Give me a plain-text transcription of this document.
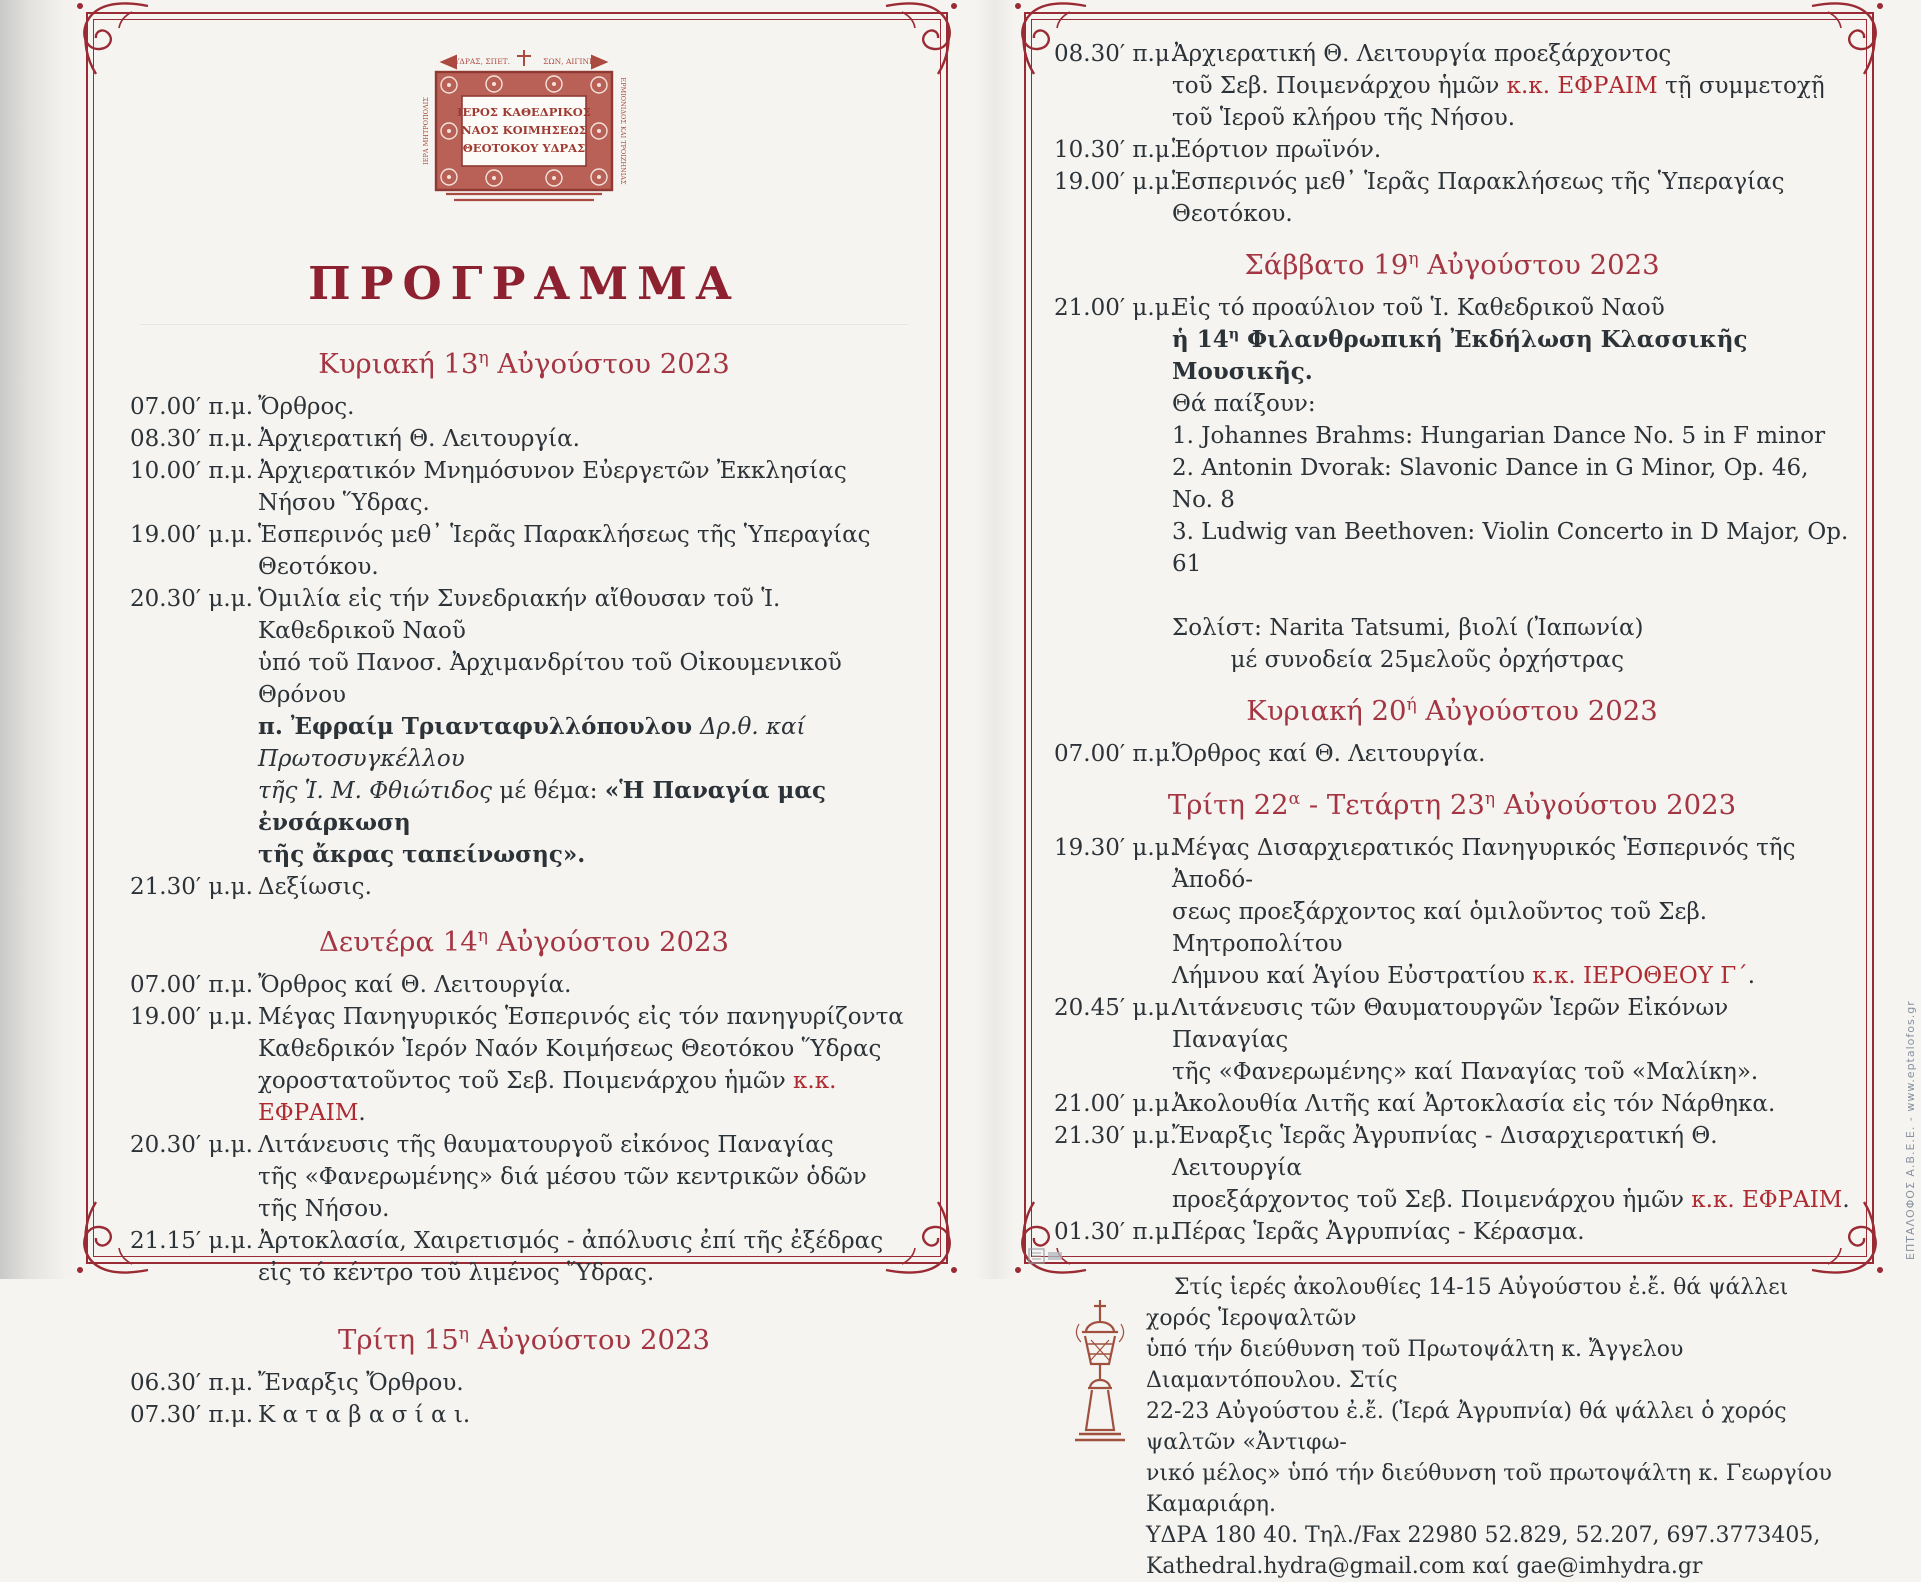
Θ ΥΔΡΑΣ, ΣΠΕΤ.	ΣΩΝ, ΑΙΓΙΝΗΣ
ΙΕΡΟΣ ΚΑΘΕΔΡΙΚΟΣ
ΝΑΟΣ ΚΟΙΜΗΣΕΩΣ
ΘΕΟΤΟΚΟΥ ΥΔΡΑΣ
ΙΕΡΑ ΜΗΤΡΟΠΟΛΙΣ	ΕΡΜΙΟΝΙΔΟΣ ΚΑΙ ΤΡΟΙΖΗΝΙΑΣ
ΠΡΟΓΡΑΜΜΑ
Κυριακή $13^\eta$ Αὐγούστου 2023
07.00′ π.μ. Ὄρθρος.
08.30′ π.μ. Ἀρχιερατική Θ. Λειτουργία.
10.00′ π.μ. Ἀρχιερατικόν Μνημόσυνον Εὐεργετῶν Ἐκκλησίας
Νήσου Ὕδρας.
19.00′ μ.μ. Ἑσπερινός μεθ᾽ Ἱερᾶς Παρακλήσεως τῆς Ὑπεραγίας Θεοτόκου.
20.30′ μ.μ. Ὁμιλία εἰς τήν Συνεδριακήν αἴθουσαν τοῦ Ἱ. Καθεδρικοῦ Ναοῦ
ὑπό τοῦ Πανοσ. Ἀρχιμανδρίτου τοῦ Οἰκουμενικοῦ Θρόνου
π. Ἐφραίμ Τριανταφυλλόπουλου Δρ.θ. καί Πρωτοσυγκέλλου
τῆς Ἱ. Μ. Φθιώτιδος μέ θέμα: «Ἡ Παναγία μας ἐνσάρκωση
τῆς ἄκρας ταπείνωσης».
21.30′ μ.μ. Δεξίωσις.
Δευτέρα $14^\eta$ Αὐγούστου 2023
07.00′ π.μ. Ὄρθρος καί Θ. Λειτουργία.
19.00′ μ.μ. Μέγας Πανηγυρικός Ἑσπερινός εἰς τόν πανηγυρίζοντα
Καθεδρικόν Ἱερόν Ναόν Κοιμήσεως Θεοτόκου Ὕδρας
χοροστατοῦντος τοῦ Σεβ. Ποιμενάρχου ἡμῶν κ.κ. ΕΦΡΑΙΜ.
20.30′ μ.μ. Λιτάνευσις τῆς θαυματουργοῦ εἰκόνος Παναγίας
τῆς «Φανερωμένης» διά μέσου τῶν κεντρικῶν ὁδῶν
τῆς Νήσου.
21.15′ μ.μ. Ἀρτοκλασία, Χαιρετισμός - ἀπόλυσις ἐπί τῆς ἐξέδρας
εἰς τό κέντρο τοῦ λιμένος Ὕδρας.
Τρίτη $15^\eta$ Αὐγούστου 2023
06.30′ π.μ. Ἔναρξις Ὄρθρου.
07.30′ π.μ. Κ α τ α β α σ ί α ι.
08.30′ π.μ.
Ἀρχιερατική Θ. Λειτουργία προεξάρχοντος
τοῦ Σεβ. Ποιμενάρχου ἡμῶν κ.κ. ΕΦΡΑΙΜ τῇ συμμετοχῇ
τοῦ Ἱεροῦ κλήρου τῆς Νήσου.
10.30′ π.μ.
Ἑόρτιον πρωϊνόν.
19.00′ μ.μ.
Ἑσπερινός μεθ᾽ Ἱερᾶς Παρακλήσεως τῆς Ὑπεραγίας Θεοτόκου.
Σάββατο $19^\eta$ Αὐγούστου 2023
21.00′ μ.μ.
Εἰς τό προαύλιον τοῦ Ἱ. Καθεδρικοῦ Ναοῦ
ἡ $14^\eta$ Φιλανθρωπική Ἐκδήλωση Κλασσικῆς Μουσικῆς.
Θά παίξουν:
1. Johannes Brahms: Hungarian Dance No. 5 in F minor
2. Antonin Dvorak: Slavonic Dance in G Minor, Op. 46, No. 8
3. Ludwig van Beethoven: Violin Concerto in D Major, Op. 61

Σολίστ: Narita Tatsumi, βιολί (Ἰαπωνία)
μέ συνοδεία 25μελοῦς ὀρχήστρας
Κυριακή $20^ή$ Αὐγούστου 2023
07.00′ π.μ.
Ὄρθρος καί Θ. Λειτουργία.
Τρίτη $22^\alpha$ - Τετάρτη $23^\eta$ Αὐγούστου 2023
19.30′ μ.μ.
Μέγας Δισαρχιερατικός Πανηγυρικός Ἑσπερινός τῆς Ἀποδό-
σεως προεξάρχοντος καί ὁμιλοῦντος τοῦ Σεβ. Μητροπολίτου
Λήμνου καί Ἁγίου Εὐστρατίου κ.κ. ΙΕΡΟΘΕΟΥ Γ΄.
20.45′ μ.μ.
Λιτάνευσις τῶν Θαυματουργῶν Ἱερῶν Εἰκόνων Παναγίας
τῆς «Φανερωμένης» καί Παναγίας τοῦ «Μαλίκη».
21.00′ μ.μ.
Ἀκολουθία Λιτῆς καί Ἀρτοκλασία εἰς τόν Νάρθηκα.
21.30′ μ.μ.
Ἔναρξις Ἱερᾶς Ἀγρυπνίας - Δισαρχιερατική Θ. Λειτουργία
προεξάρχοντος τοῦ Σεβ. Ποιμενάρχου ἡμῶν κ.κ. ΕΦΡΑΙΜ.
01.30′ π.μ.
Πέρας Ἱερᾶς Ἀγρυπνίας - Κέρασμα.
Στίς ἱερές ἀκολουθίες 14-15 Αὐγούστου ἐ.ἔ. θά ψάλλει χορός Ἱεροψαλτῶν
ὑπό τήν διεύθυνση τοῦ Πρωτοψάλτη κ. Ἄγγελου Διαμαντόπουλου. Στίς
22-23 Αὐγούστου ἐ.ἔ. (Ἱερά Ἀγρυπνία) θά ψάλλει ὁ χορός ψαλτῶν «Ἀντιφω-
νικό μέλος» ὑπό τήν διεύθυνση τοῦ πρωτοψάλτη κ. Γεωργίου Καμαριάρη.
ΥΔΡΑ 180 40. Τηλ./Fax 22980 52.829, 52.207, 697.3773405,
Kathedral.hydra@gmail.com καί gae@imhydra.gr
ΕΠΤΑΛΟΦΟΣ Α.Β.Ε.Ε. - www.eptalofos.gr
